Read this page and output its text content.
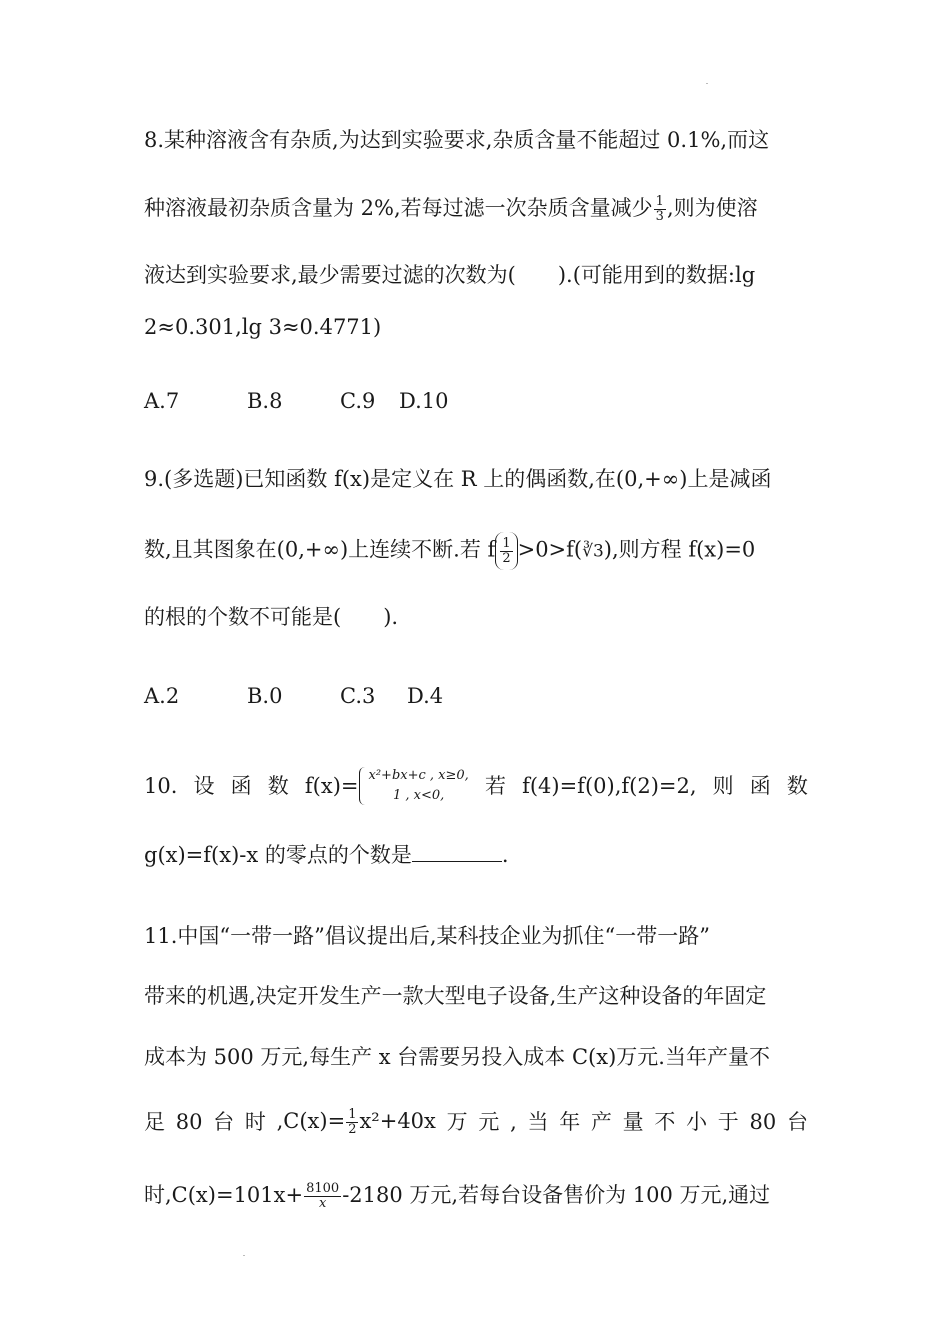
8.某种溶液含有杂质,为达到实验要求,杂质含量不能超过 0.1%,而这
种溶液最初杂质含量为 2%,若每过滤一次杂质含量减少 $\frac{1}{3}$ ,则为使溶
液达到实验要求,最少需要过滤的次数为(　　).(可能用到的数据:lg
2≈0.301,lg 3≈0.4771)
A.7	B.8	C.9 D.10
9.(多选题)已知函数 f(x)是定义在 R 上的偶函数,在(0,+∞)上是减函
数,且其图象在(0,+∞)上连续不断.若 f $\frac{1}{2}$ >0>f(∛3),则方程 f(x)=0
的根的个数不可能是(　　).
A.2	B.0	C.3 D.4
10. 设 函 数 f(x)= x²+bx+c , x≥0,
1 , x<0, 若 f(4)=f(0),f(2)=2, 则 函 数
g(x)=f(x)-x 的零点的个数是	.
11.中国“一带一路”倡议提出后,某科技企业为抓住“一带一路”
带来的机遇,决定开发生产一款大型电子设备,生产这种设备的年固定
成本为 500 万元,每生产 x 台需要另投入成本 C(x)万元.当年产量不
足 80 台 时 $,C(x)= \frac{1}{2} x^2+40x$ 万 元 , 当 年 产 量 不 小 于 80 台
时$,C(x)=101x+ \frac{8100}{x} -2180$ 万元,若每台设备售价为 100 万元,通过
